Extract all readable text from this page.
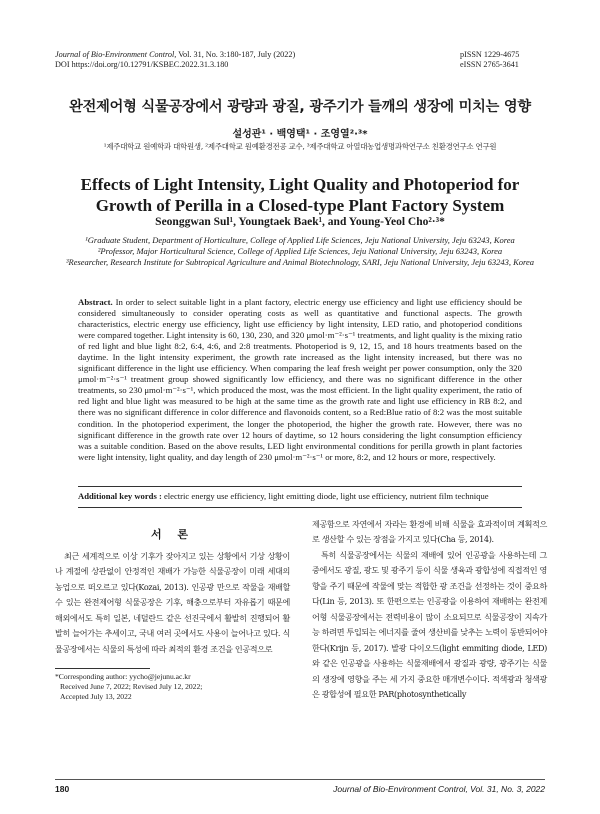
Journal of Bio-Environment Control, Vol. 31, No. 3:180-187, July (2022)
DOI https://doi.org/10.12791/KSBEC.2022.31.3.180
pISSN 1229-4675
eISSN 2765-3641
완전제어형 식물공장에서 광량과 광질, 광주기가 들깨의 생장에 미치는 영향
설성관¹ · 백영택¹ · 조영열²·³*
¹제주대학교 원예학과 대학원생, ²제주대학교 원예환경전공 교수, ³제주대학교 아열대농업생명과학연구소 친환경연구소 연구원
Effects of Light Intensity, Light Quality and Photoperiod for Growth of Perilla in a Closed-type Plant Factory System
Seonggwan Sul¹, Youngtaek Baek¹, and Young-Yeol Cho²·³*
¹Graduate Student, Department of Horticulture, College of Applied Life Sciences, Jeju National University, Jeju 63243, Korea
²Professor, Major Horticultural Science, College of Applied Life Sciences, Jeju National University, Jeju 63243, Korea
³Researcher, Research Institute for Subtropical Agriculture and Animal Biotechnology, SARI, Jeju National University, Jeju 63243, Korea
Abstract. In order to select suitable light in a plant factory, electric energy use efficiency and light use efficiency should be considered simultaneously to consider operating costs as well as quantitative and functional aspects. The growth characteristics, electric energy use efficiency, light use efficiency by light intensity, LED ratio, and photoperiod conditions were compared together. Light intensity is 60, 130, 230, and 320 μmol·m⁻²·s⁻¹ treatments, and light quality is the mixing ratio of red light and blue light 8:2, 6:4, 4:6, and 2:8 treatments. Photoperiod is 9, 12, 15, and 18 hours treatments based on the daytime. In the light intensity experiment, the growth rate increased as the light intensity increased, but there was no significant difference in the light use efficiency. When comparing the leaf fresh weight per power consumption, only the 320 μmol·m⁻²·s⁻¹ treatment group showed significantly low efficiency, and there was no significant difference in the other treatments, so 230 μmol·m⁻²·s⁻¹, which produced the most, was the most efficient. In the light quality experiment, the ratio of red light and blue light was measured to be high at the same time as the growth rate and light use efficiency in RB 8:2, and there was no significant difference in color difference and flavonoids content, so a Red:Blue ratio of 8:2 was the most suitable condition. In the photoperiod experiment, the longer the photoperiod, the higher the growth rate. However, there was no significant difference in the growth rate over 12 hours of daytime, so 12 hours considering the light consumption efficiency was a suitable condition. Based on the above results, LED light environmental conditions for perilla growth in plant factories were light intensity, light quality, and day length of 230 μmol·m⁻²·s⁻¹ or more, 8:2, and 12 hours or more, respectively.
Additional key words : electric energy use efficiency, light emitting diode, light use efficiency, nutrient film technique
서 론

최근 세계적으로 이상 기후가 잦아지고 있는 상황에서 기상 상황이나 계절에 상관없이 안정적인 재배가 가능한 식물공장이 미래 세대의 농업으로 떠오르고 있다(Kozai, 2013). 인공광 만으로 작물을 재배할 수 있는 완전제어형 식물공장은 기후, 해충으로부터 자유롭기 때문에 해외에서도 특히 일본, 네덜란드 같은 선진국에서 활발히 진행되어 활발히 늘어가는 추세이고, 국내 여러 곳에서도 사용이 늘어나고 있다. 식물공장에서는 식물의 특성에 따라 최적의 환경 조건을 인공적으로

제공함으로 자연에서 자라는 환경에 비해 식물을 효과적이며 계획적으로 생산할 수 있는 장점을 가지고 있다(Cha 등, 2014).

특히 식물공장에서는 식물의 재배에 있어 인공광을 사용하는데 그 중에서도 광질, 광도 및 광주기 등이 식물 생육과 광합성에 직접적인 영향을 주기 때문에 작물에 맞는 적합한 광 조건을 선정하는 것이 중요하다(Lin 등, 2013). 또 한편으로는 인공광을 이용하여 재배하는 완전제어형 식물공장에서는 전력비용이 많이 소요되므로 식물공장이 지속가능 하려면 투입되는 에너지를 줄여 생산비를 낮추는 노력이 동반되어야 한다(Krijn 등, 2017). 발광 다이오드(light emmiting diode, LED)와 같은 인공광을 사용하는 식물재배에서 광질과 광량, 광주기는 식물의 생장에 영향을 주는 세 가지 중요한 매개변수이다. 적색광과 청색광은 광합성에 필요한 PAR(photosynthetically

*Corresponding author: yycho@jejunu.ac.kr
Received June 7, 2022; Revised July 12, 2022;
Accepted July 13, 2022
180	Journal of Bio-Environment Control, Vol. 31, No. 3, 2022
